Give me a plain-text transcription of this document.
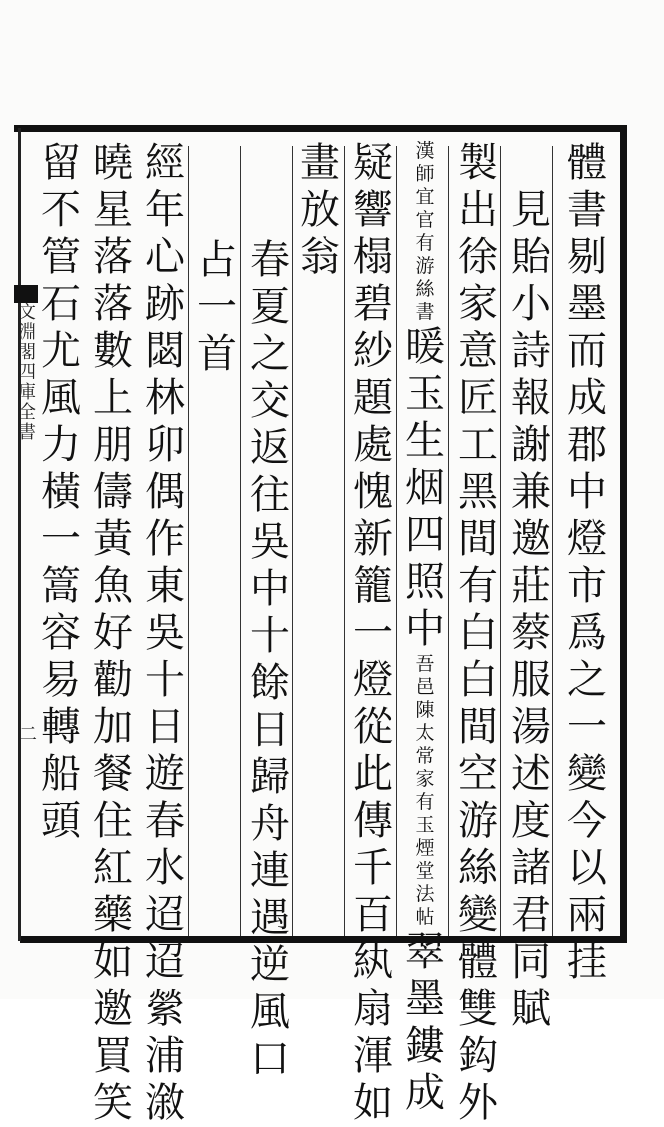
文
淵
閣
四
庫
全
書
二
體
書
剔
墨
而
成
郡
中
燈
市
爲
之
一
變
今
以
兩
挂
見
貽
小
詩
報
謝
兼
邀
莊
蔡
服
湯
述
度
諸
君
同
賦
製
出
徐
家
意
匠
工
黑
間
有
白
白
間
空
游
絲
變
體
雙
鈎
外
疑
響
榻
碧
紗
題
處
愧
新
籠
一
燈
從
此
傳
千
百
紈
扇
渾
如
畫
放
翁
春
夏
之
交
返
往
吳
中
十
餘
日
歸
舟
連
遇
逆
風
口
占
一
首
經
年
心
跡
閟
林
卯
偶
作
東
吳
十
日
遊
春
水
迢
迢
縈
浦
漵
曉
星
落
落
數
上
朋
儔
黃
魚
好
勸
加
餐
住
紅
藥
如
邀
買
笑
留
不
管
石
尤
風
力
橫
一
篙
容
易
轉
船
頭
漢
師
宜
官
有
游
絲
書
暖
玉
生
烟
四
照
中
吾
邑
陳
太
常
家
有
玉
煙
堂
法
帖
翠
墨
鏤
成
